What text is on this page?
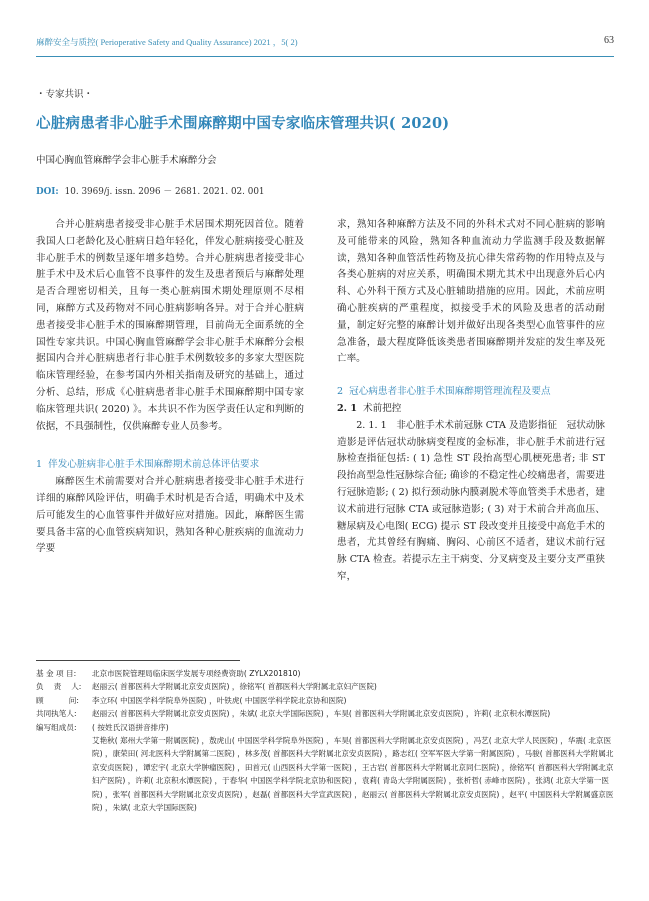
麻醉安全与质控( Perioperative Safety and Quality Assurance) 2021 ，5( 2)	63
・专家共识・
心脏病患者非心脏手术围麻醉期中国专家临床管理共识( 2020)
中国心胸血管麻醉学会非心脏手术麻醉分会
DOI: 10. 3969/j. issn. 2096 － 2681. 2021. 02. 001

合并心脏病患者接受非心脏手术居围术期死因首位。随着我国人口老龄化及心脏病日趋年轻化，伴发心脏病接受心脏及非心脏手术的例数呈逐年增多趋势。合并心脏病患者接受非心脏手术中及术后心血管不良事件的发生及患者预后与麻醉处理是否合理密切相关，且每一类心脏病围术期处理原则不尽相同，麻醉方式及药物对不同心脏病影响各异。对于合并心脏病患者接受非心脏手术的围麻醉期管理，目前尚无全面系统的全国性专家共识。中国心胸血管麻醉学会非心脏手术麻醉分会根据国内合并心脏病患者行非心脏手术例数较多的多家大型医院临床管理经验，在参考国内外相关指南及研究的基础上，通过分析、总结，形成《心脏病患者非心脏手术围麻醉期中国专家临床管理共识( 2020) 》。本共识不作为医学责任认定和判断的依据，不具强制性，仅供麻醉专业人员参考。

1 伴发心脏病非心脏手术围麻醉期术前总体评估要求

麻醉医生术前需要对合并心脏病患者接受非心脏手术进行详细的麻醉风险评估，明确手术时机是否合适，明确术中及术后可能发生的心血管事件并做好应对措施。因此，麻醉医生需要具备丰富的心血管疾病知识，熟知各种心脏疾病的血流动力学要

求，熟知各种麻醉方法及不同的外科术式对不同心脏病的影响及可能带来的风险，熟知各种血流动力学监测手段及数据解读，熟知各种血管活性药物及抗心律失常药物的作用特点及与各类心脏病的对应关系，明确围术期尤其术中出现意外后心内科、心外科干预方式及心脏辅助措施的应用。因此，术前应明确心脏疾病的严重程度，拟接受手术的风险及患者的活动耐量，制定好完整的麻醉计划并做好出现各类型心血管事件的应急准备，最大程度降低该类患者围麻醉期并发症的发生率及死亡率。

2 冠心病患者非心脏手术围麻醉期管理流程及要点
2. 1 术前把控

2. 1. 1　非心脏手术术前冠脉 CTA 及造影指征　冠状动脉造影是评估冠状动脉病变程度的金标准，非心脏手术前进行冠脉检查指征包括: ( 1) 急性 ST 段抬高型心肌梗死患者; 非 ST 段抬高型急性冠脉综合征; 确诊的不稳定性心绞痛患者，需要进行冠脉造影; ( 2) 拟行颈动脉内膜剥脱术等血管类手术患者，建议术前进行冠脉 CTA 或冠脉造影; ( 3) 对于术前合并高血压、糖尿病及心电图( ECG) 提示 ST 段改变并且接受中高危手术的患者，尤其曾经有胸痛、胸闷、心前区不适者，建议术前行冠脉 CTA 检查。若提示左主干病变、分叉病变及主要分支严重狭窄，

基 金 项 目:	北京市医院管理局临床医学发展专项经费资助( ZYLX201810)
负　 责　 人:	赵丽云( 首都医科大学附属北京安贞医院) ，徐铭军( 首都医科大学附属北京妇产医院)
顾　　　 问:	李立环( 中国医学科学院阜外医院) ，叶铁虎( 中国医学科学院北京协和医院)
共同执笔人:	赵丽云( 首都医科大学附属北京安贞医院) ，朱斌( 北京大学国际医院) ，车昊( 首都医科大学附属北京安贞医院) ，许莉( 北京积水潭医院)
编写组成员:	( 按姓氏汉语拼音排序)
艾艳秋( 郑州大学第一附属医院) ，敖虎山( 中国医学科学院阜外医院) ，车昊( 首都医科大学附属北京安贞医院) ，冯艺( 北京大学人民医院) ，华震( 北京医院) ，康荣田( 河北医科大学附属第二医院) ，林多茂( 首都医科大学附属北京安贞医院) ，路志红( 空军军医大学第一附属医院) ，马骏( 首都医科大学附属北京安贞医院) ，谭宏宇( 北京大学肿瘤医院) ，田首元( 山西医科大学第一医院) ，王古岩( 首都医科大学附属北京同仁医院) ，徐铭军( 首都医科大学附属北京妇产医院) ，许莉( 北京积水潭医院) ，于春华( 中国医学科学院北京协和医院) ，袁莉( 青岛大学附属医院) ，张析哲( 赤峰市医院) ，张鸿( 北京大学第一医院) ，张军( 首都医科大学附属北京安贞医院) ，赵磊( 首都医科大学宣武医院) ，赵丽云( 首都医科大学附属北京安贞医院) ，赵平( 中国医科大学附属盛京医院) ，朱斌( 北京大学国际医院)
